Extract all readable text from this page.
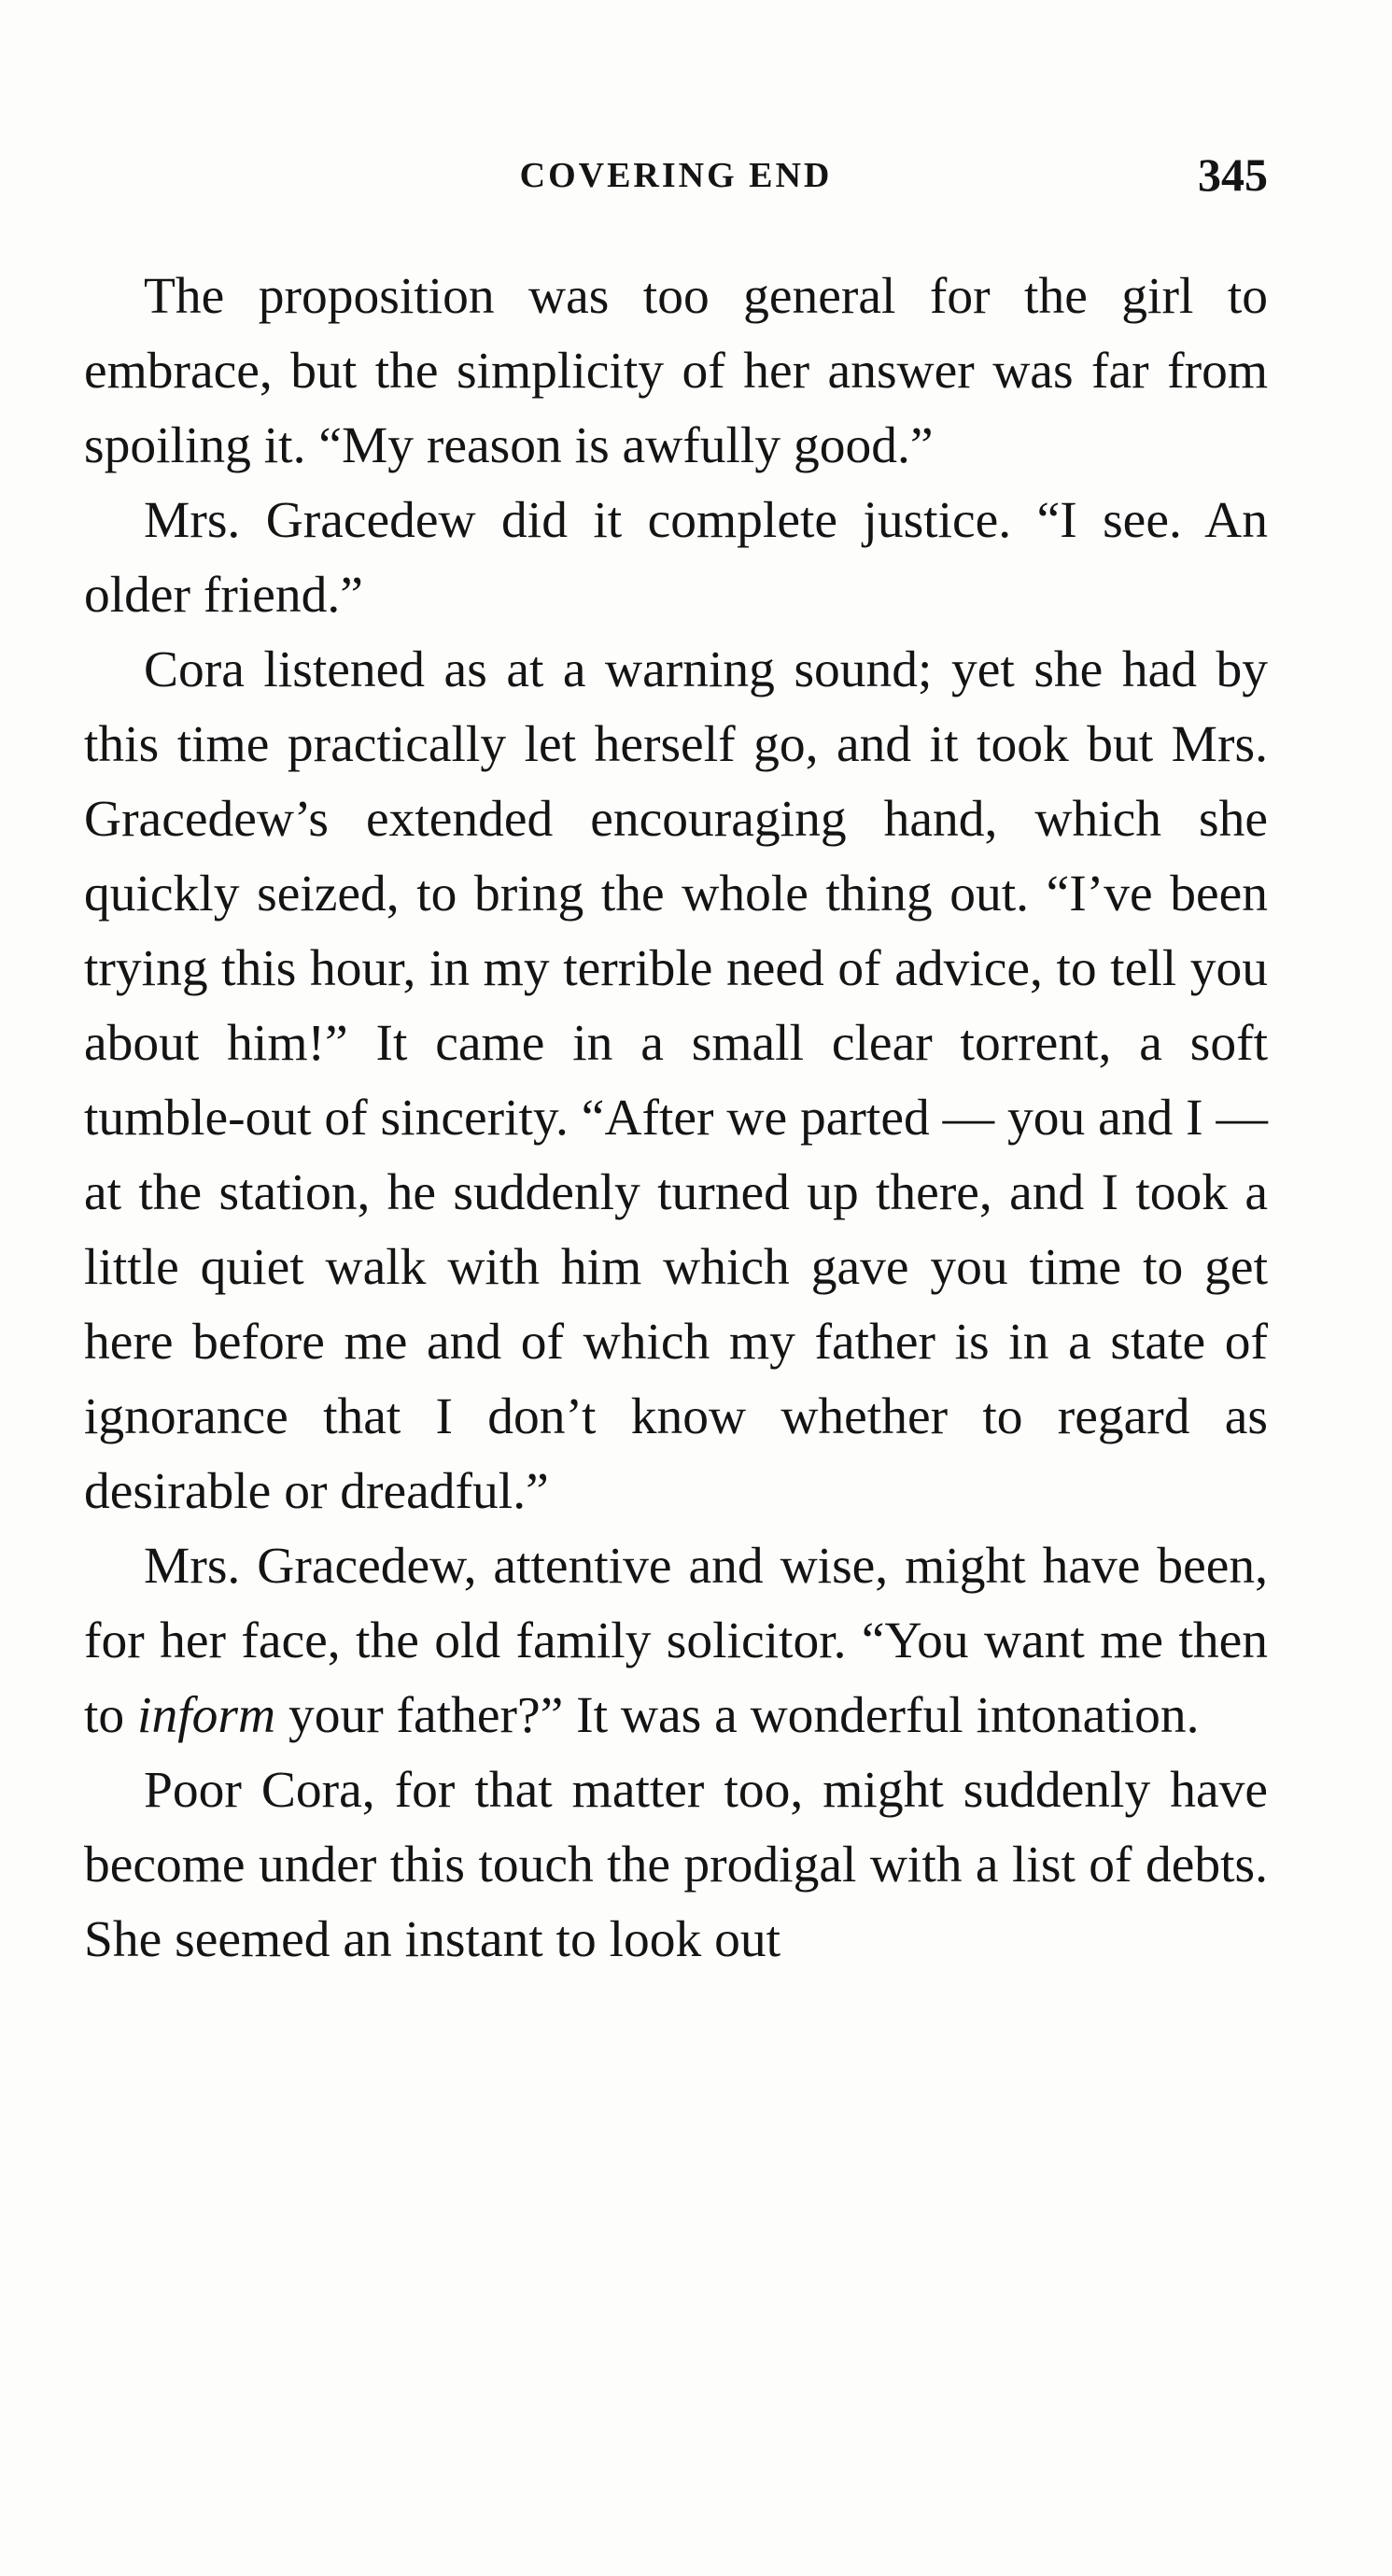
COVERING END	345

The proposition was too general for the girl to embrace, but the simplicity of her answer was far from spoiling it. “My reason is awfully good.”

Mrs. Gracedew did it complete justice. “I see. An older friend.”

Cora listened as at a warning sound; yet she had by this time practically let herself go, and it took but Mrs. Gracedew’s extended encouraging hand, which she quickly seized, to bring the whole thing out. “I’ve been trying this hour, in my terrible need of advice, to tell you about him!” It came in a small clear torrent, a soft tumble-out of sincerity. “After we parted — you and I — at the station, he suddenly turned up there, and I took a little quiet walk with him which gave you time to get here before me and of which my father is in a state of ignorance that I don’t know whether to regard as desirable or dreadful.”

Mrs. Gracedew, attentive and wise, might have been, for her face, the old family solicitor. “You want me then to inform your father?” It was a wonderful intonation.

Poor Cora, for that matter too, might suddenly have become under this touch the prodigal with a list of debts. She seemed an instant to look out
